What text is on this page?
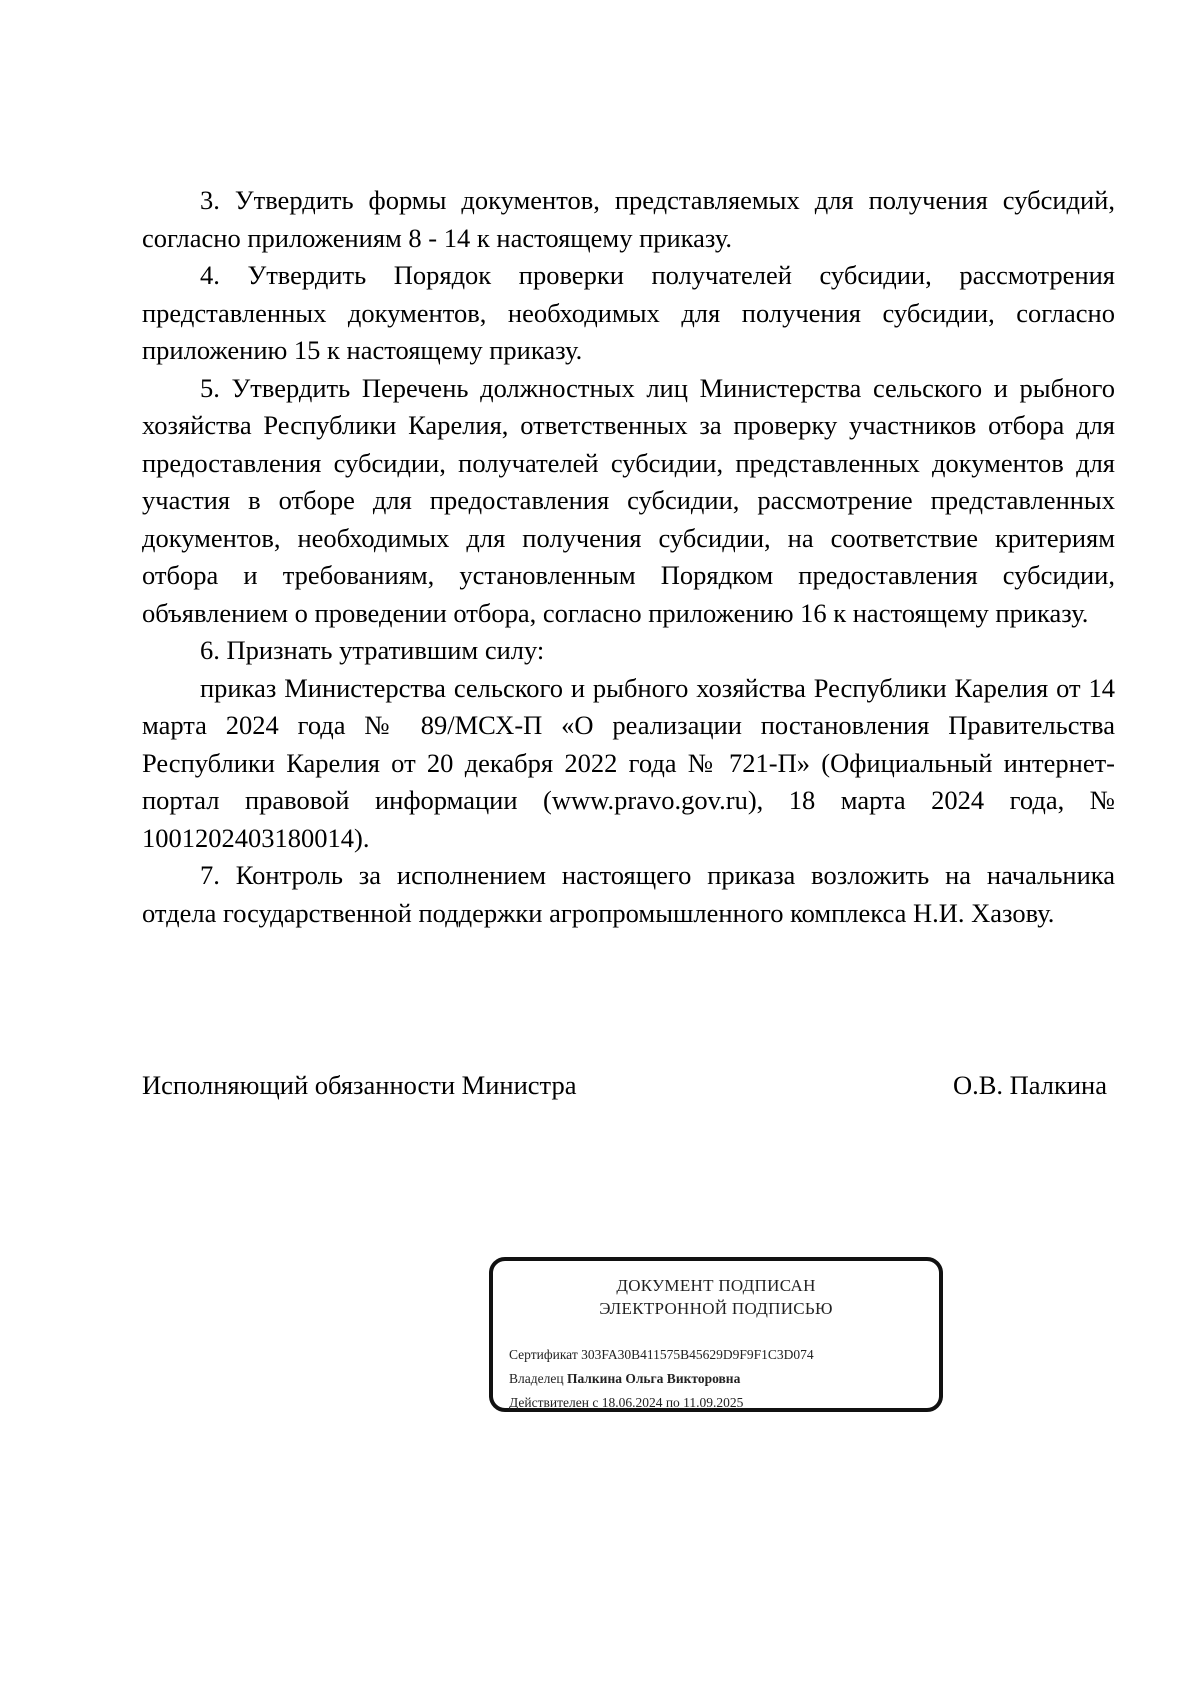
3. Утвердить формы документов, представляемых для получения субсидий, согласно приложениям 8 - 14 к настоящему приказу.

4. Утвердить Порядок проверки получателей субсидии, рассмотрения представленных документов, необходимых для получения субсидии, согласно приложению 15 к настоящему приказу.

5. Утвердить Перечень должностных лиц Министерства сельского и рыбного хозяйства Республики Карелия, ответственных за проверку участников отбора для предоставления субсидии, получателей субсидии, представленных документов для участия в отборе для предоставления субсидии, рассмотрение представленных документов, необходимых для получения субсидии, на соответствие критериям отбора и требованиям, установленным Порядком предоставления субсидии, объявлением о проведении отбора, согласно приложению 16 к настоящему приказу.

6. Признать утратившим силу:

приказ Министерства сельского и рыбного хозяйства Республики Карелия от 14 марта 2024 года № 89/МСХ-П «О реализации постановления Правительства Республики Карелия от 20 декабря 2022 года № 721-П» (Официальный интернет-портал правовой информации (www.pravo.gov.ru), 18 марта 2024 года, № 1001202403180014).

7. Контроль за исполнением настоящего приказа возложить на начальника отдела государственной поддержки агропромышленного комплекса Н.И. Хазову.

Исполняющий обязанности Министра	О.В. Палкина
ДОКУМЕНТ ПОДПИСАН
ЭЛЕКТРОННОЙ ПОДПИСЬЮ
Сертификат 303FA30B411575B45629D9F9F1C3D074
Владелец Палкина Ольга Викторовна
Действителен с 18.06.2024 по 11.09.2025
